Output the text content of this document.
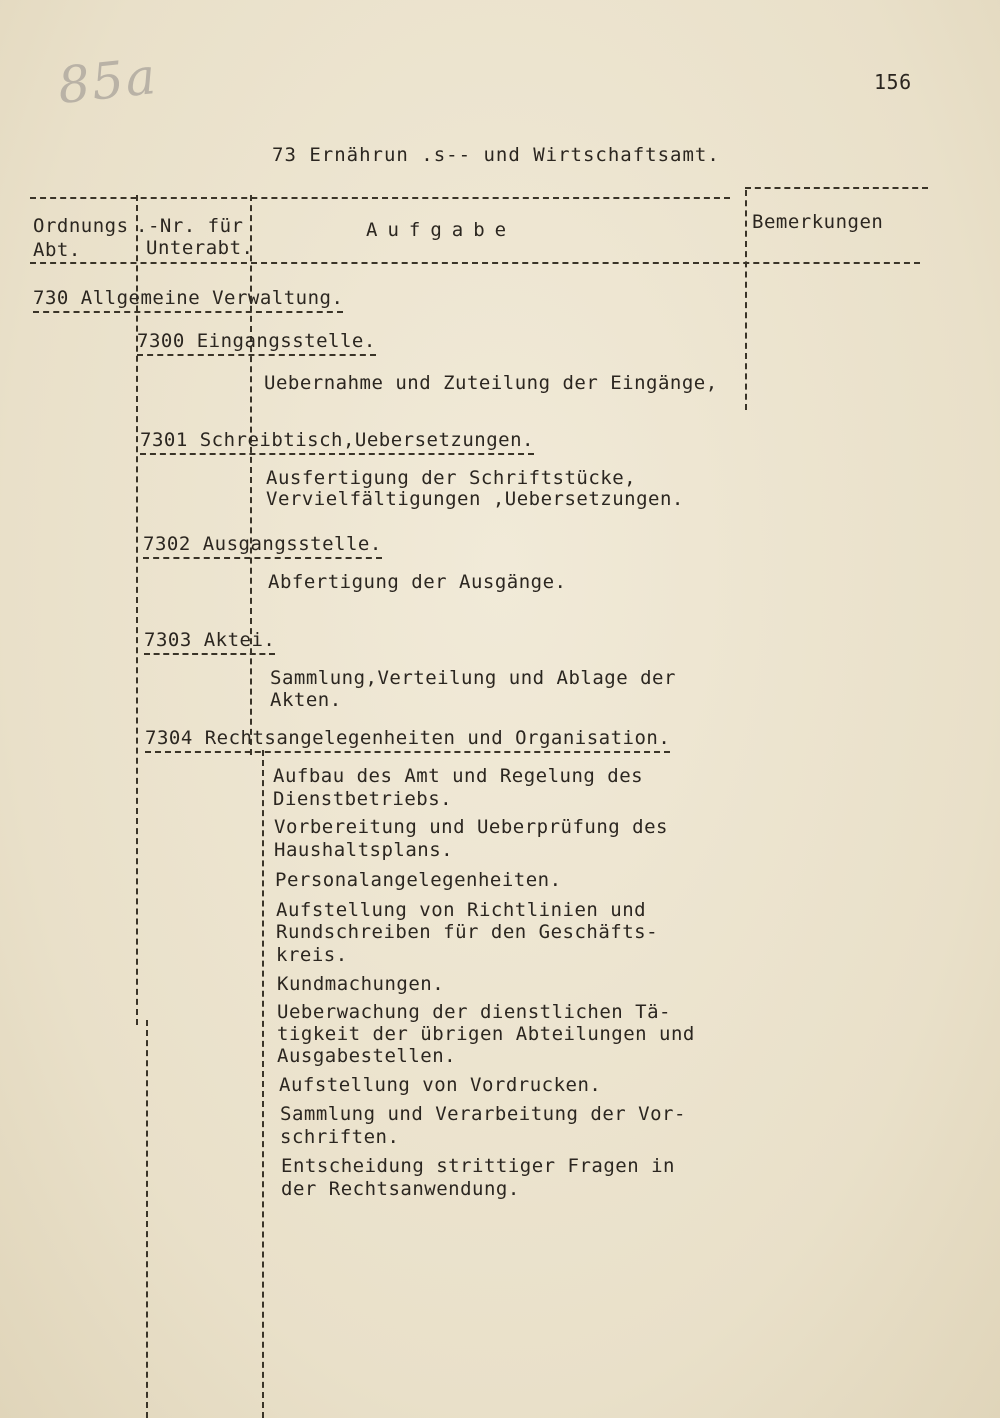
85a	156
73 Ernährun .s-- und Wirtschaftsamt.
Ordnungs
Abt.
.-Nr. für
Unterabt.
Aufgabe	Bemerkungen
730 Allgemeine Verwaltung.
7300 Eingangsstelle.
Uebernahme und Zuteilung der Eingänge,
7301 Schreibtisch,Uebersetzungen.
Ausfertigung der Schriftstücke,
Vervielfältigungen ,Uebersetzungen.
7302 Ausgangsstelle.
Abfertigung der Ausgänge.
7303 Aktei.
Sammlung,Verteilung und Ablage der
Akten.
7304 Rechtsangelegenheiten und Organisation.
Aufbau des Amt und Regelung des
Dienstbetriebs.
Vorbereitung und Ueberprüfung des
Haushaltsplans.
Personalangelegenheiten.
Aufstellung von Richtlinien und
Rundschreiben für den Geschäfts-
kreis.
Kundmachungen.
Ueberwachung der dienstlichen Tä-
tigkeit der übrigen Abteilungen und
Ausgabestellen.
Aufstellung von Vordrucken.
Sammlung und Verarbeitung der Vor-
schriften.
Entscheidung strittiger Fragen in
der Rechtsanwendung.
